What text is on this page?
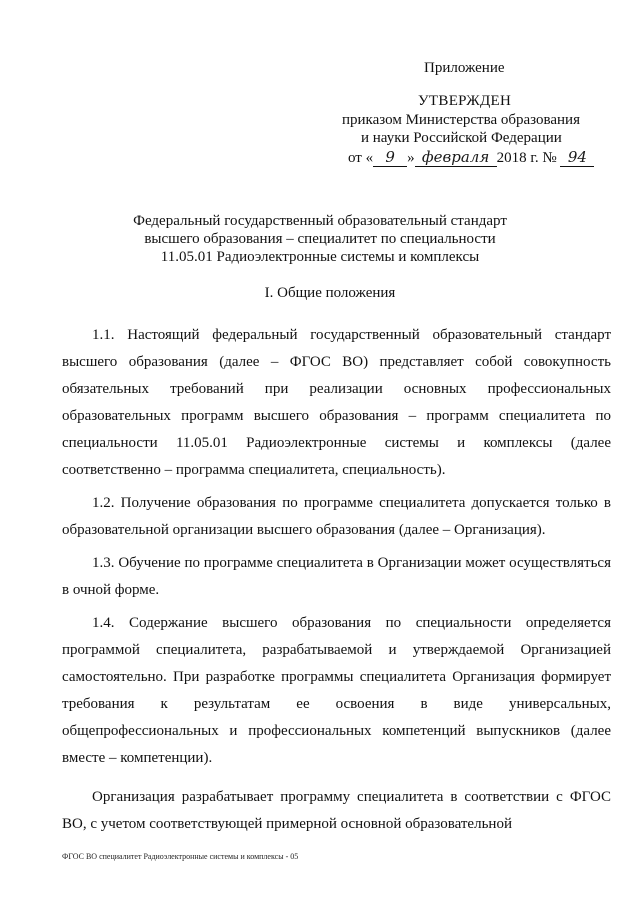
Приложение
УТВЕРЖДЕН
приказом Министерства образования
и науки Российской Федерации
от « 9 » февраля 2018 г. № 94
Федеральный государственный образовательный стандарт
высшего образования – специалитет по специальности
11.05.01 Радиоэлектронные системы и комплексы
I. Общие положения

1.1. Настоящий федеральный государственный образовательный стандарт высшего образования (далее – ФГОС ВО) представляет собой совокупность обязательных требований при реализации основных профессиональных образовательных программ высшего образования – программ специалитета по специальности 11.05.01 Радиоэлектронные системы и комплексы (далее соответственно – программа специалитета, специальность).

1.2. Получение образования по программе специалитета допускается только в образовательной организации высшего образования (далее – Организация).

1.3. Обучение по программе специалитета в Организации может осуществляться в очной форме.

1.4. Содержание высшего образования по специальности определяется программой специалитета, разрабатываемой и утверждаемой Организацией самостоятельно. При разработке программы специалитета Организация формирует требования к результатам ее освоения в виде универсальных, общепрофессиональных и профессиональных компетенций выпускников (далее вместе – компетенции).

Организация разрабатывает программу специалитета в соответствии с ФГОС ВО, с учетом соответствующей примерной основной образовательной

ФГОС ВО специалитет Радиоэлектронные системы и комплексы - 05
